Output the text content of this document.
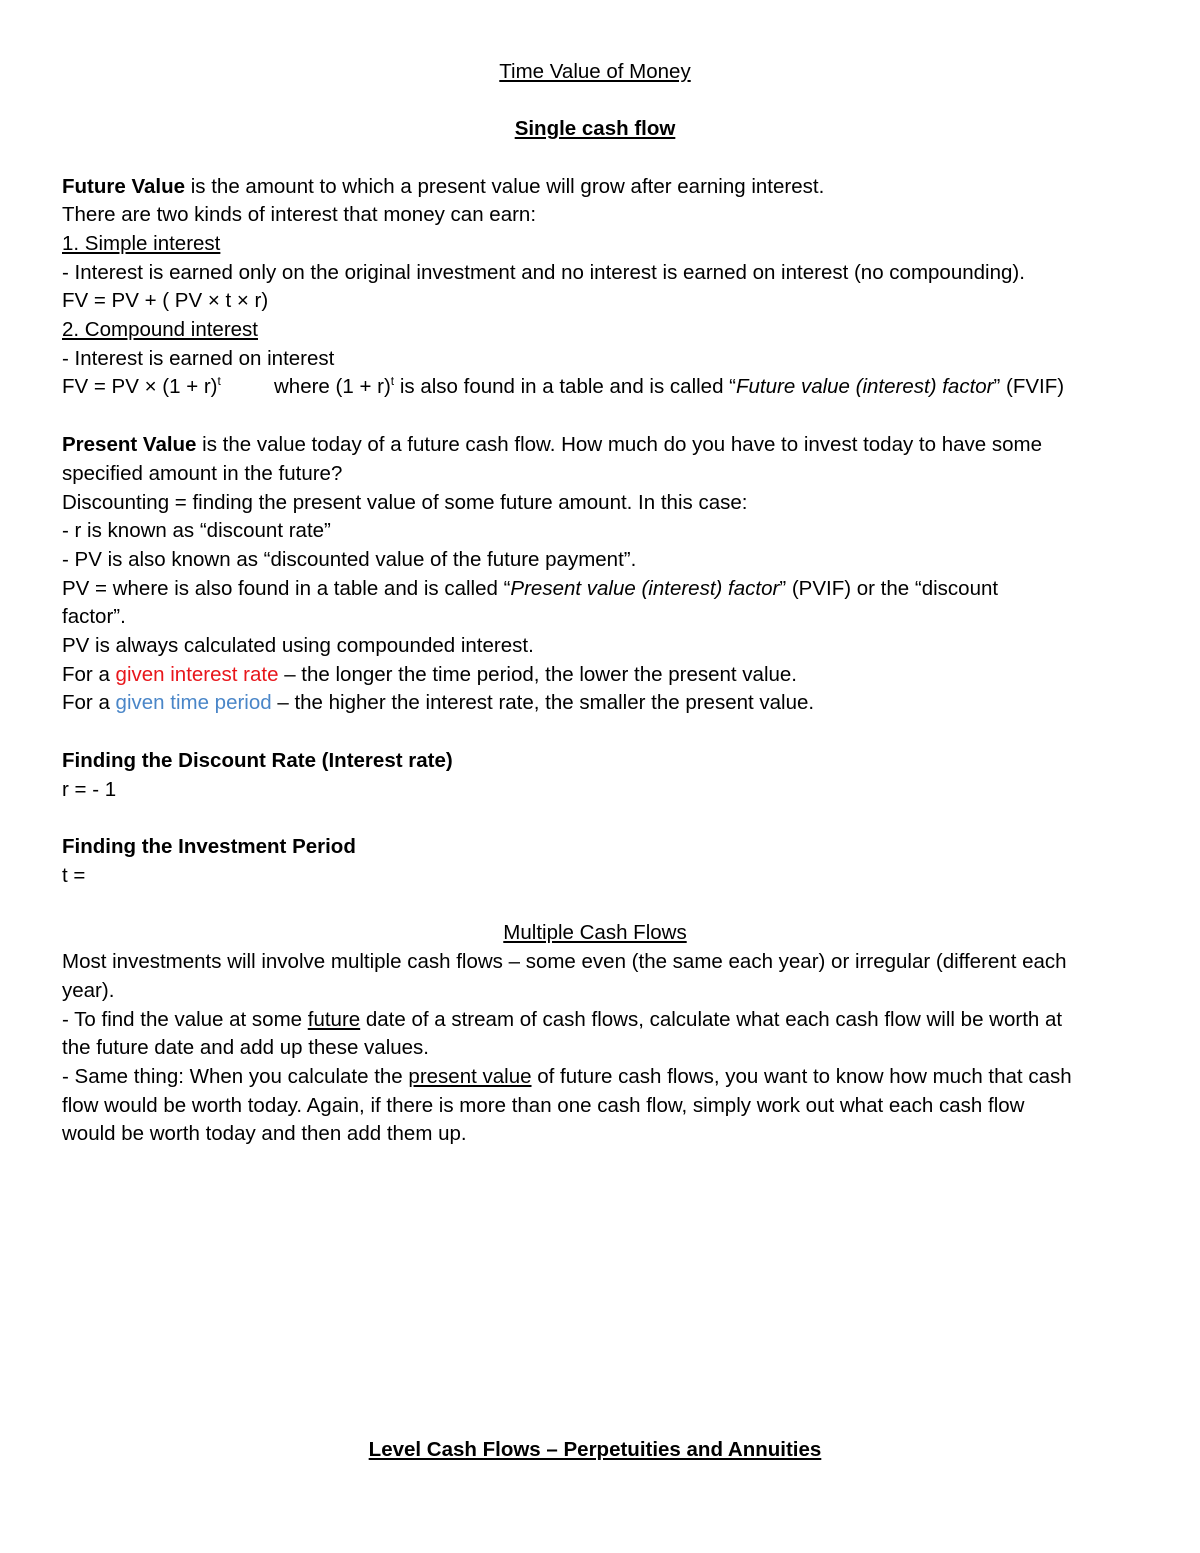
Time Value of Money
Single cash flow
Future Value is the amount to which a present value will grow after earning interest.
There are two kinds of interest that money can earn:
1. Simple interest
- Interest is earned only on the original investment and no interest is earned on interest (no compounding).
FV = PV + ( PV × t × r)
2. Compound interest
- Interest is earned on interest
FV = PV × $(1 + r)^t$	where $(1 + r)^t$ is also found in a table and is called “Future value (interest) factor” (FVIF)
Present Value is the value today of a future cash flow. How much do you have to invest today to have some
specified amount in the future?
Discounting = finding the present value of some future amount. In this case:
- r is known as “discount rate”
- PV is also known as “discounted value of the future payment”.
PV = where is also found in a table and is called “Present value (interest) factor” (PVIF) or the “discount
factor”.
PV is always calculated using compounded interest.
For a given interest rate – the longer the time period, the lower the present value.
For a given time period – the higher the interest rate, the smaller the present value.
Finding the Discount Rate (Interest rate)
r = - 1
Finding the Investment Period
t =
Multiple Cash Flows
Most investments will involve multiple cash flows – some even (the same each year) or irregular (different each
year).
- To find the value at some future date of a stream of cash flows, calculate what each cash flow will be worth at
the future date and add up these values.
- Same thing: When you calculate the present value of future cash flows, you want to know how much that cash
flow would be worth today. Again, if there is more than one cash flow, simply work out what each cash flow
would be worth today and then add them up.
Level Cash Flows – Perpetuities and Annuities
